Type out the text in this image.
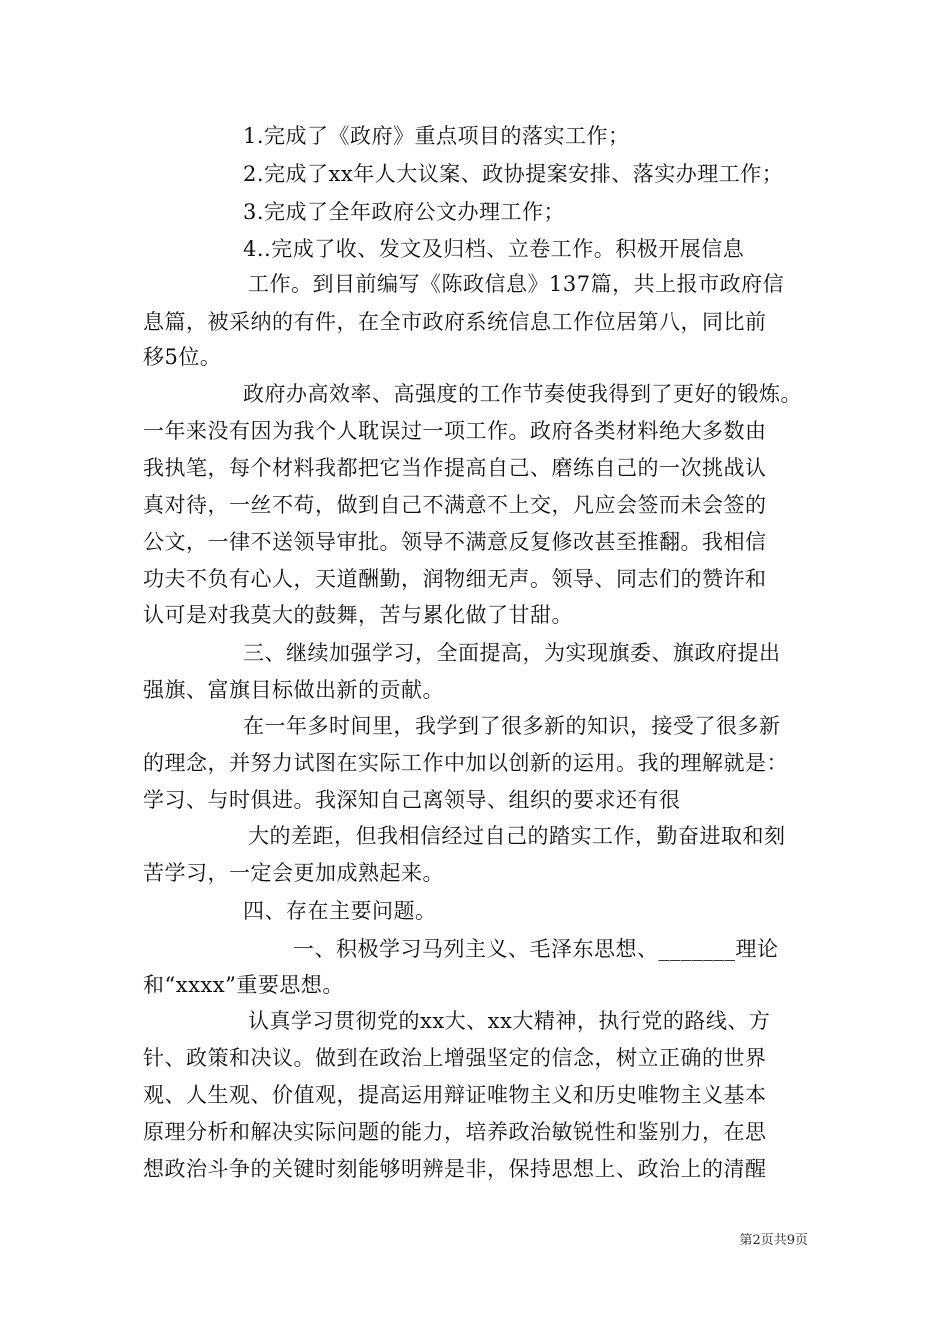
1.完成了《政府》重点项目的落实工作；
2.完成了xx年人大议案、政协提案安排、落实办理工作；
3.完成了全年政府公文办理工作；
4..完成了收、发文及归档、立卷工作。积极开展信息
工作。到目前编写《陈政信息》137篇，共上报市政府信
息篇，被采纳的有件，在全市政府系统信息工作位居第八，同比前
移5位。
政府办高效率、高强度的工作节奏使我得到了更好的锻炼。
一年来没有因为我个人耽误过一项工作。政府各类材料绝大多数由
我执笔，每个材料我都把它当作提高自己、磨练自己的一次挑战认
真对待，一丝不苟，做到自己不满意不上交，凡应会签而未会签的
公文，一律不送领导审批。领导不满意反复修改甚至推翻。我相信
功夫不负有心人，天道酬勤，润物细无声。领导、同志们的赞许和
认可是对我莫大的鼓舞，苦与累化做了甘甜。
三、继续加强学习，全面提高，为实现旗委、旗政府提出
强旗、富旗目标做出新的贡献。
在一年多时间里，我学到了很多新的知识，接受了很多新
的理念，并努力试图在实际工作中加以创新的运用。我的理解就是：
学习、与时俱进。我深知自己离领导、组织的要求还有很
大的差距，但我相信经过自己的踏实工作，勤奋进取和刻
苦学习，一定会更加成熟起来。
四、存在主要问题。
一、积极学习马列主义、毛泽东思想、_______理论
和“xxxx”重要思想。
认真学习贯彻党的xx大、xx大精神，执行党的路线、方
针、政策和决议。做到在政治上增强坚定的信念，树立正确的世界
观、人生观、价值观，提高运用辩证唯物主义和历史唯物主义基本
原理分析和解决实际问题的能力，培养政治敏锐性和鉴别力，在思
想政治斗争的关键时刻能够明辨是非，保持思想上、政治上的清醒
第2页共9页
